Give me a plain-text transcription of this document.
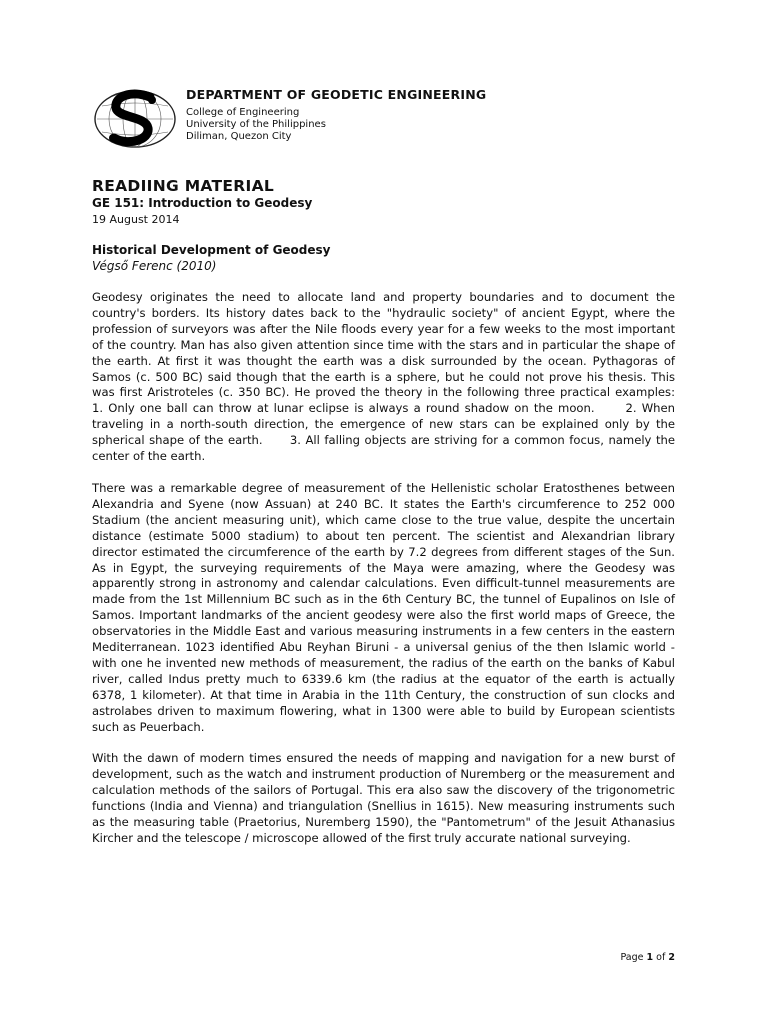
DEPARTMENT OF GEODETIC ENGINEERING

College of Engineering

University of the Philippines

Diliman, Quezon City

READIING MATERIAL

GE 151: Introduction to Geodesy

19 August 2014

Historical Development of Geodesy

Végső Ferenc (2010)

Geodesy originates the need to allocate land and property boundaries and to document the country's borders. Its history dates back to the "hydraulic society" of ancient Egypt, where the profession of surveyors was after the Nile floods every year for a few weeks to the most important of the country. Man has also given attention since time with the stars and in particular the shape of the earth. At first it was thought the earth was a disk surrounded by the ocean. Pythagoras of Samos (c. 500 BC) said though that the earth is a sphere, but he could not prove his thesis. This was first Aristroteles (c. 350 BC). He proved the theory in the following three practical examples:      1. Only one ball can throw at lunar eclipse is always a round shadow on the moon.      2. When traveling in a north-south direction, the emergence of new stars can be explained only by the spherical shape of the earth.      3. All falling objects are striving for a common focus, namely the center of the earth.

There was a remarkable degree of measurement of the Hellenistic scholar Eratosthenes between Alexandria and Syene (now Assuan) at 240 BC. It states the Earth's circumference to 252 000 Stadium (the ancient measuring unit), which came close to the true value, despite the uncertain distance (estimate 5000 stadium) to about ten percent. The scientist and Alexandrian library director estimated the circumference of the earth by 7.2 degrees from different stages of the Sun. As in Egypt, the surveying requirements of the Maya were amazing, where the Geodesy was apparently strong in astronomy and calendar calculations. Even difficult-tunnel measurements are made from the 1st Millennium BC such as in the 6th Century BC, the tunnel of Eupalinos on Isle of Samos. Important landmarks of the ancient geodesy were also the first world maps of Greece, the observatories in the Middle East and various measuring instruments in a few centers in the eastern Mediterranean. 1023 identified Abu Reyhan Biruni - a universal genius of the then Islamic world - with one he invented new methods of measurement, the radius of the earth on the banks of Kabul river, called Indus pretty much to 6339.6 km (the radius at the equator of the earth is actually 6378, 1 kilometer). At that time in Arabia in the 11th Century, the construction of sun clocks and astrolabes driven to maximum flowering, what in 1300 were able to build by European scientists such as Peuerbach.

With the dawn of modern times ensured the needs of mapping and navigation for a new burst of development, such as the watch and instrument production of Nuremberg or the measurement and calculation methods of the sailors of Portugal. This era also saw the discovery of the trigonometric functions (India and Vienna) and triangulation (Snellius in 1615). New measuring instruments such as the measuring table (Praetorius, Nuremberg 1590), the "Pantometrum" of the Jesuit Athanasius Kircher and the telescope / microscope allowed of the first truly accurate national surveying.

Page 1 of 2
